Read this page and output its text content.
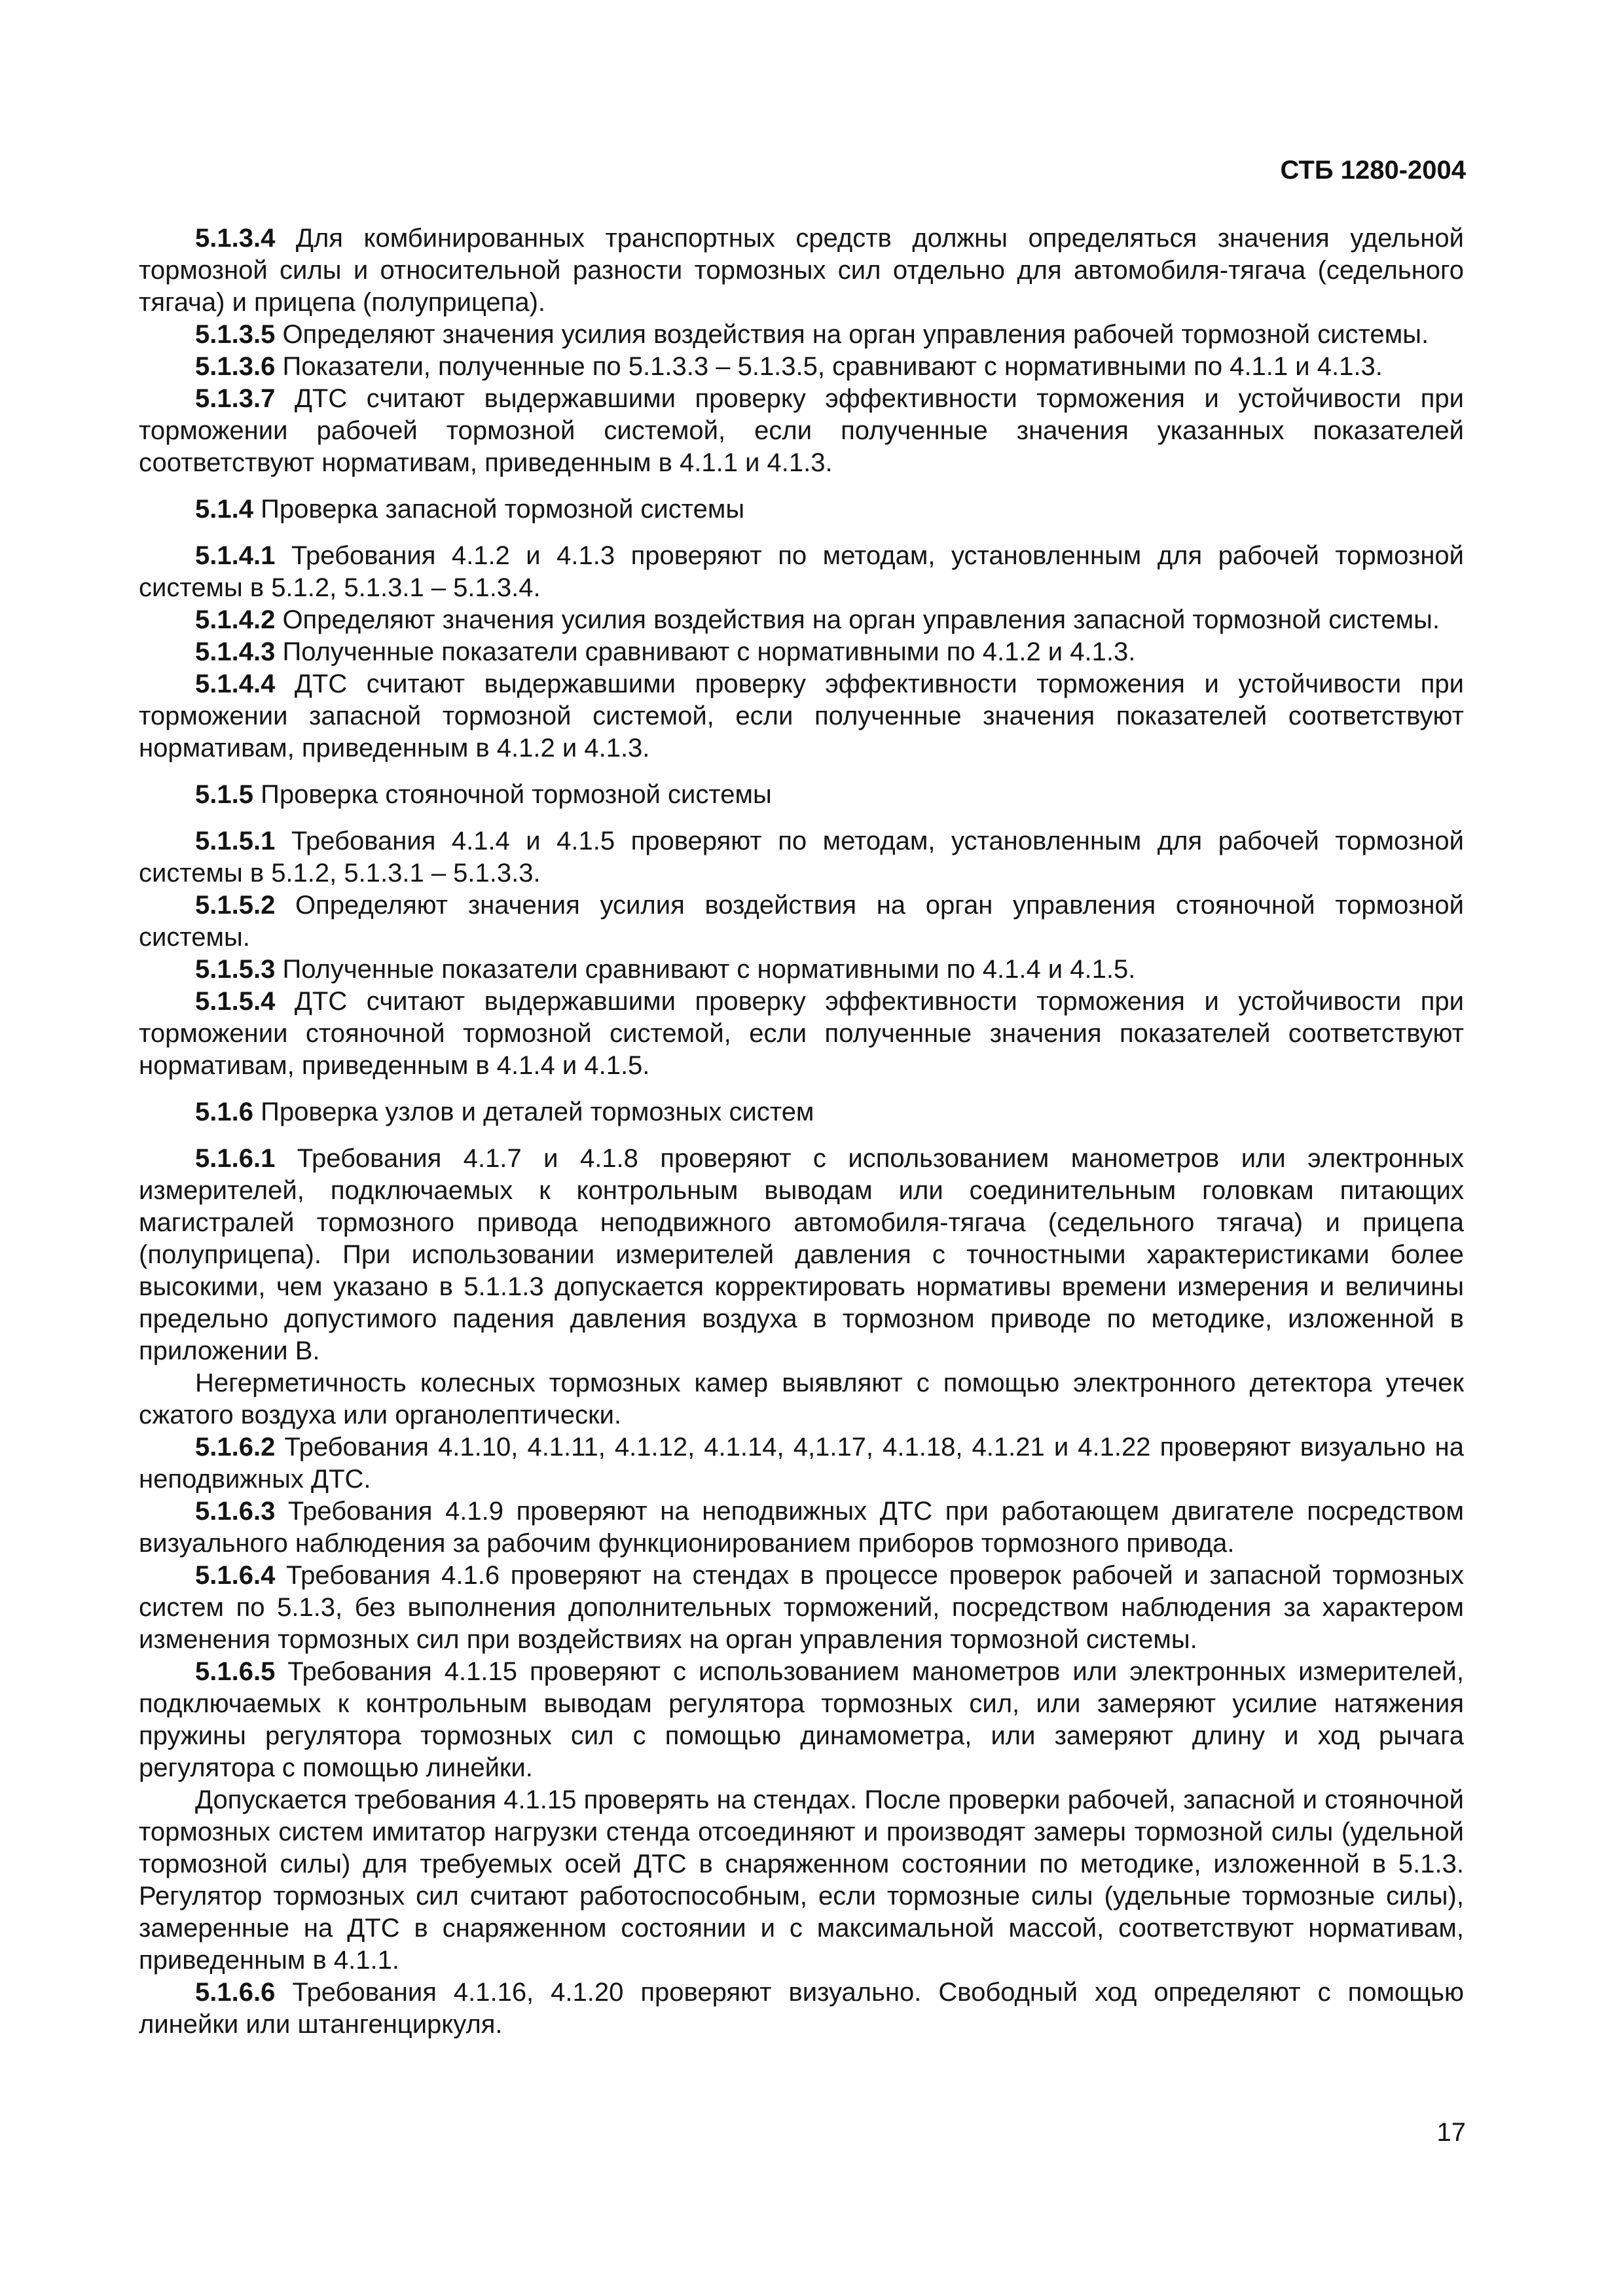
СТБ 1280-2004

5.1.3.4 Для комбинированных транспортных средств должны определяться значения удельной тормозной силы и относительной разности тормозных сил отдельно для автомобиля-тягача (седельного тягача) и прицепа (полуприцепа).

5.1.3.5 Определяют значения усилия воздействия на орган управления рабочей тормозной системы.

5.1.3.6 Показатели, полученные по 5.1.3.3 – 5.1.3.5, сравнивают с нормативными по 4.1.1 и 4.1.3.

5.1.3.7 ДТС считают выдержавшими проверку эффективности торможения и устойчивости при торможении рабочей тормозной системой, если полученные значения указанных показателей соответствуют нормативам, приведенным в 4.1.1 и 4.1.3.

5.1.4 Проверка запасной тормозной системы

5.1.4.1 Требования 4.1.2 и 4.1.3 проверяют по методам, установленным для рабочей тормозной системы в 5.1.2, 5.1.3.1 – 5.1.3.4.

5.1.4.2 Определяют значения усилия воздействия на орган управления запасной тормозной системы.

5.1.4.3 Полученные показатели сравнивают с нормативными по 4.1.2 и 4.1.3.

5.1.4.4 ДТС считают выдержавшими проверку эффективности торможения и устойчивости при торможении запасной тормозной системой, если полученные значения показателей соответствуют нормативам, приведенным в 4.1.2 и 4.1.3.

5.1.5 Проверка стояночной тормозной системы

5.1.5.1 Требования 4.1.4 и 4.1.5 проверяют по методам, установленным для рабочей тормозной системы в 5.1.2, 5.1.3.1 – 5.1.3.3.

5.1.5.2 Определяют значения усилия воздействия на орган управления стояночной тормозной системы.

5.1.5.3 Полученные показатели сравнивают с нормативными по 4.1.4 и 4.1.5.

5.1.5.4 ДТС считают выдержавшими проверку эффективности торможения и устойчивости при торможении стояночной тормозной системой, если полученные значения показателей соответствуют нормативам, приведенным в 4.1.4 и 4.1.5.

5.1.6 Проверка узлов и деталей тормозных систем

5.1.6.1 Требования 4.1.7 и 4.1.8 проверяют с использованием манометров или электронных измерителей, подключаемых к контрольным выводам или соединительным головкам питающих магистралей тормозного привода неподвижного автомобиля-тягача (седельного тягача) и прицепа (полуприцепа). При использовании измерителей давления с точностными характеристиками более высокими, чем указано в 5.1.1.3 допускается корректировать нормативы времени измерения и величины предельно допустимого падения давления воздуха в тормозном приводе по методике, изложенной в приложении В.

Негерметичность колесных тормозных камер выявляют с помощью электронного детектора утечек сжатого воздуха или органолептически.

5.1.6.2 Требования 4.1.10, 4.1.11, 4.1.12, 4.1.14, 4,1.17, 4.1.18, 4.1.21 и 4.1.22 проверяют визуально на неподвижных ДТС.

5.1.6.3 Требования 4.1.9 проверяют на неподвижных ДТС при работающем двигателе посредством визуального наблюдения за рабочим функционированием приборов тормозного привода.

5.1.6.4 Требования 4.1.6 проверяют на стендах в процессе проверок рабочей и запасной тормозных систем по 5.1.3, без выполнения дополнительных торможений, посредством наблюдения за характером изменения тормозных сил при воздействиях на орган управления тормозной системы.

5.1.6.5 Требования 4.1.15 проверяют с использованием манометров или электронных измерителей, подключаемых к контрольным выводам регулятора тормозных сил, или замеряют усилие натяжения пружины регулятора тормозных сил с помощью динамометра, или замеряют длину и ход рычага регулятора с помощью линейки.

Допускается требования 4.1.15 проверять на стендах. После проверки рабочей, запасной и стояночной тормозных систем имитатор нагрузки стенда отсоединяют и производят замеры тормозной силы (удельной тормозной силы) для требуемых осей ДТС в снаряженном состоянии по методике, изложенной в 5.1.3. Регулятор тормозных сил считают работоспособным, если тормозные силы (удельные тормозные силы), замеренные на ДТС в снаряженном состоянии и с максимальной массой, соответствуют нормативам, приведенным в 4.1.1.

5.1.6.6 Требования 4.1.16, 4.1.20 проверяют визуально. Свободный ход определяют с помощью линейки или штангенциркуля.

17
